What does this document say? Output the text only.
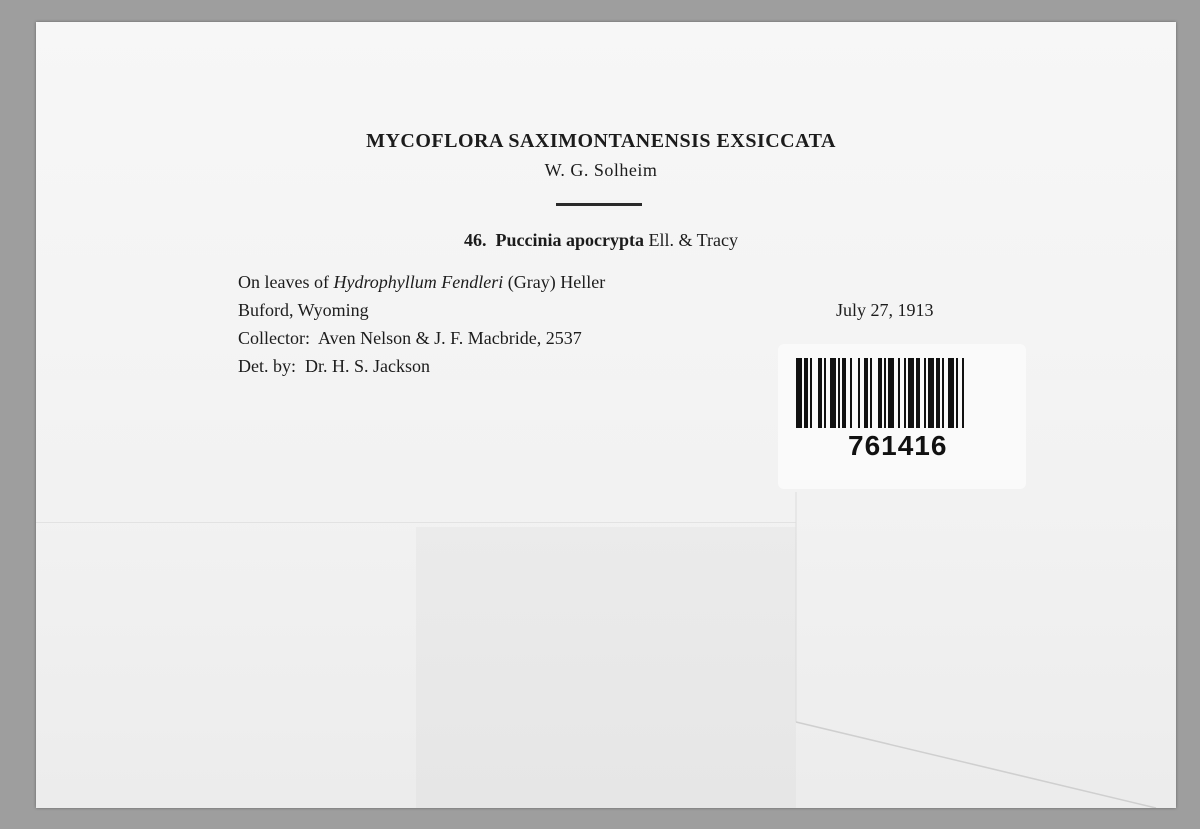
MYCOFLORA SAXIMONTANENSIS EXSICCATA
W. G. Solheim
46. Puccinia apocrypta Ell. & Tracy
On leaves of Hydrophyllum Fendleri (Gray) Heller
Buford, Wyoming	July 27, 1913
Collector: Aven Nelson & J. F. Macbride, 2537
Det. by: Dr. H. S. Jackson
761416
